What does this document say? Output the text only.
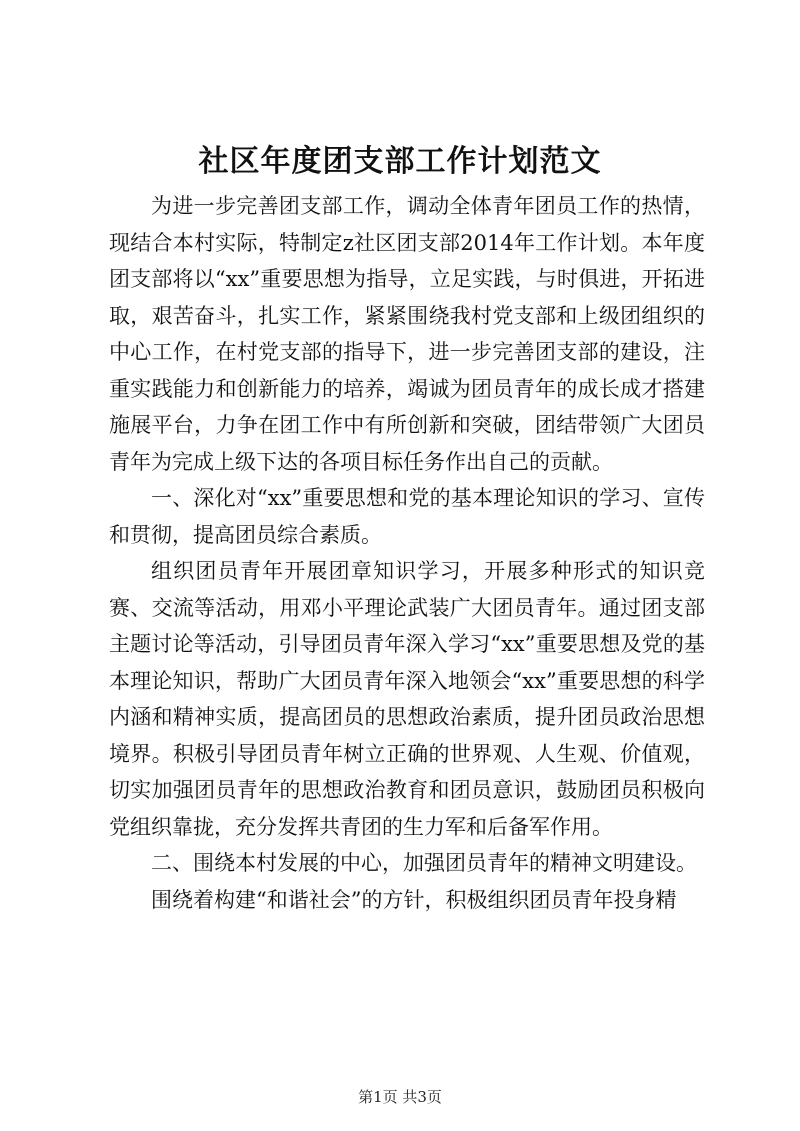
社区年度团支部工作计划范文

为进一步完善团支部工作，调动全体青年团员工作的热情，现结合本村实际，特制定z社区团支部2014年工作计划。本年度团支部将以“xx”重要思想为指导，立足实践，与时俱进，开拓进取，艰苦奋斗，扎实工作，紧紧围绕我村党支部和上级团组织的中心工作，在村党支部的指导下，进一步完善团支部的建设，注重实践能力和创新能力的培养，竭诚为团员青年的成长成才搭建施展平台，力争在团工作中有所创新和突破，团结带领广大团员青年为完成上级下达的各项目标任务作出自己的贡献。

一、深化对“xx”重要思想和党的基本理论知识的学习、宣传和贯彻，提高团员综合素质。

组织团员青年开展团章知识学习，开展多种形式的知识竞赛、交流等活动，用邓小平理论武装广大团员青年。通过团支部主题讨论等活动，引导团员青年深入学习“xx”重要思想及党的基本理论知识，帮助广大团员青年深入地领会“xx”重要思想的科学内涵和精神实质，提高团员的思想政治素质，提升团员政治思想境界。积极引导团员青年树立正确的世界观、人生观、价值观，切实加强团员青年的思想政治教育和团员意识，鼓励团员积极向党组织靠拢，充分发挥共青团的生力军和后备军作用。

二、围绕本村发展的中心，加强团员青年的精神文明建设。

围绕着构建“和谐社会”的方针，积极组织团员青年投身精

第1页 共3页
